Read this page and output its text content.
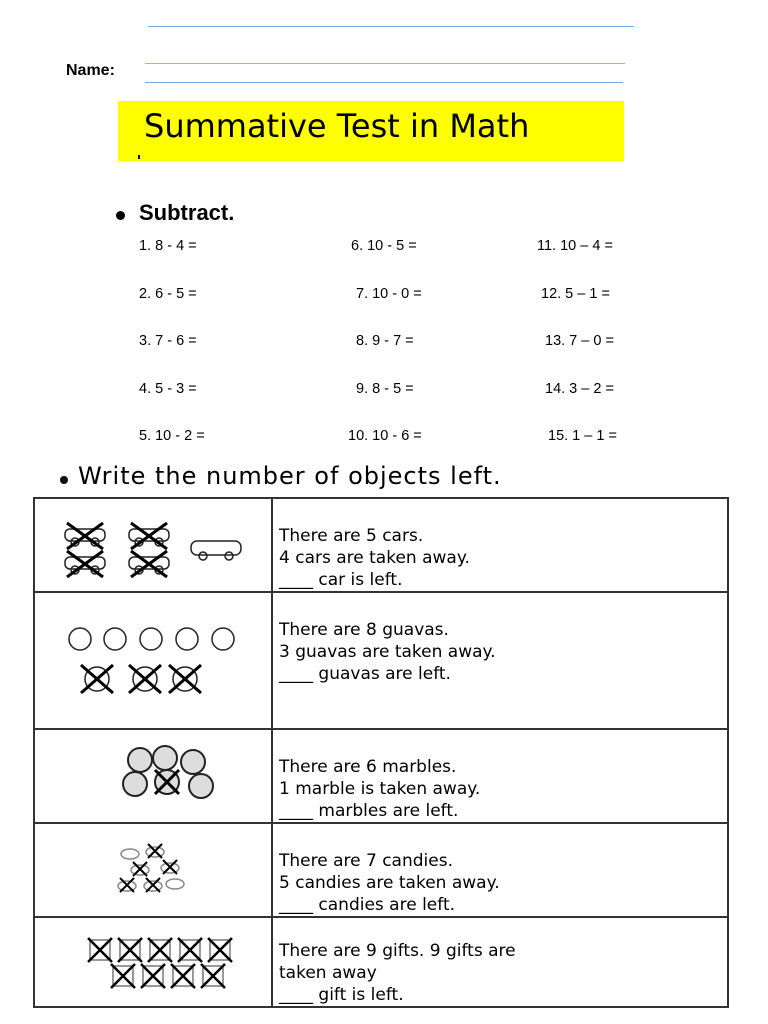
Name:
Summative Test in Math
Subtract.
1. 8 - 4 =	6. 10 - 5 =	11. 10 – 4 =
2. 6 - 5 =	7. 10 - 0 =	12. 5 – 1 =
3. 7 - 6 =	8. 9 - 7 =	13. 7 – 0 =
4. 5 - 3 =	9. 8 - 5 =	14. 3 – 2 =
5. 10 - 2 =	10. 10 - 6 =	15. 1 – 1 =
Write the number of objects left.

There are 5 cars.
4 cars are taken away.
____ car is left.

There are 8 guavas.
3 guavas are taken away.
____ guavas are left.

There are 6 marbles.
1 marble is taken away.
____ marbles are left.

There are 7 candies.
5 candies are taken away.
____ candies are left.

There are 9 gifts. 9 gifts are
taken away
____ gift is left.
